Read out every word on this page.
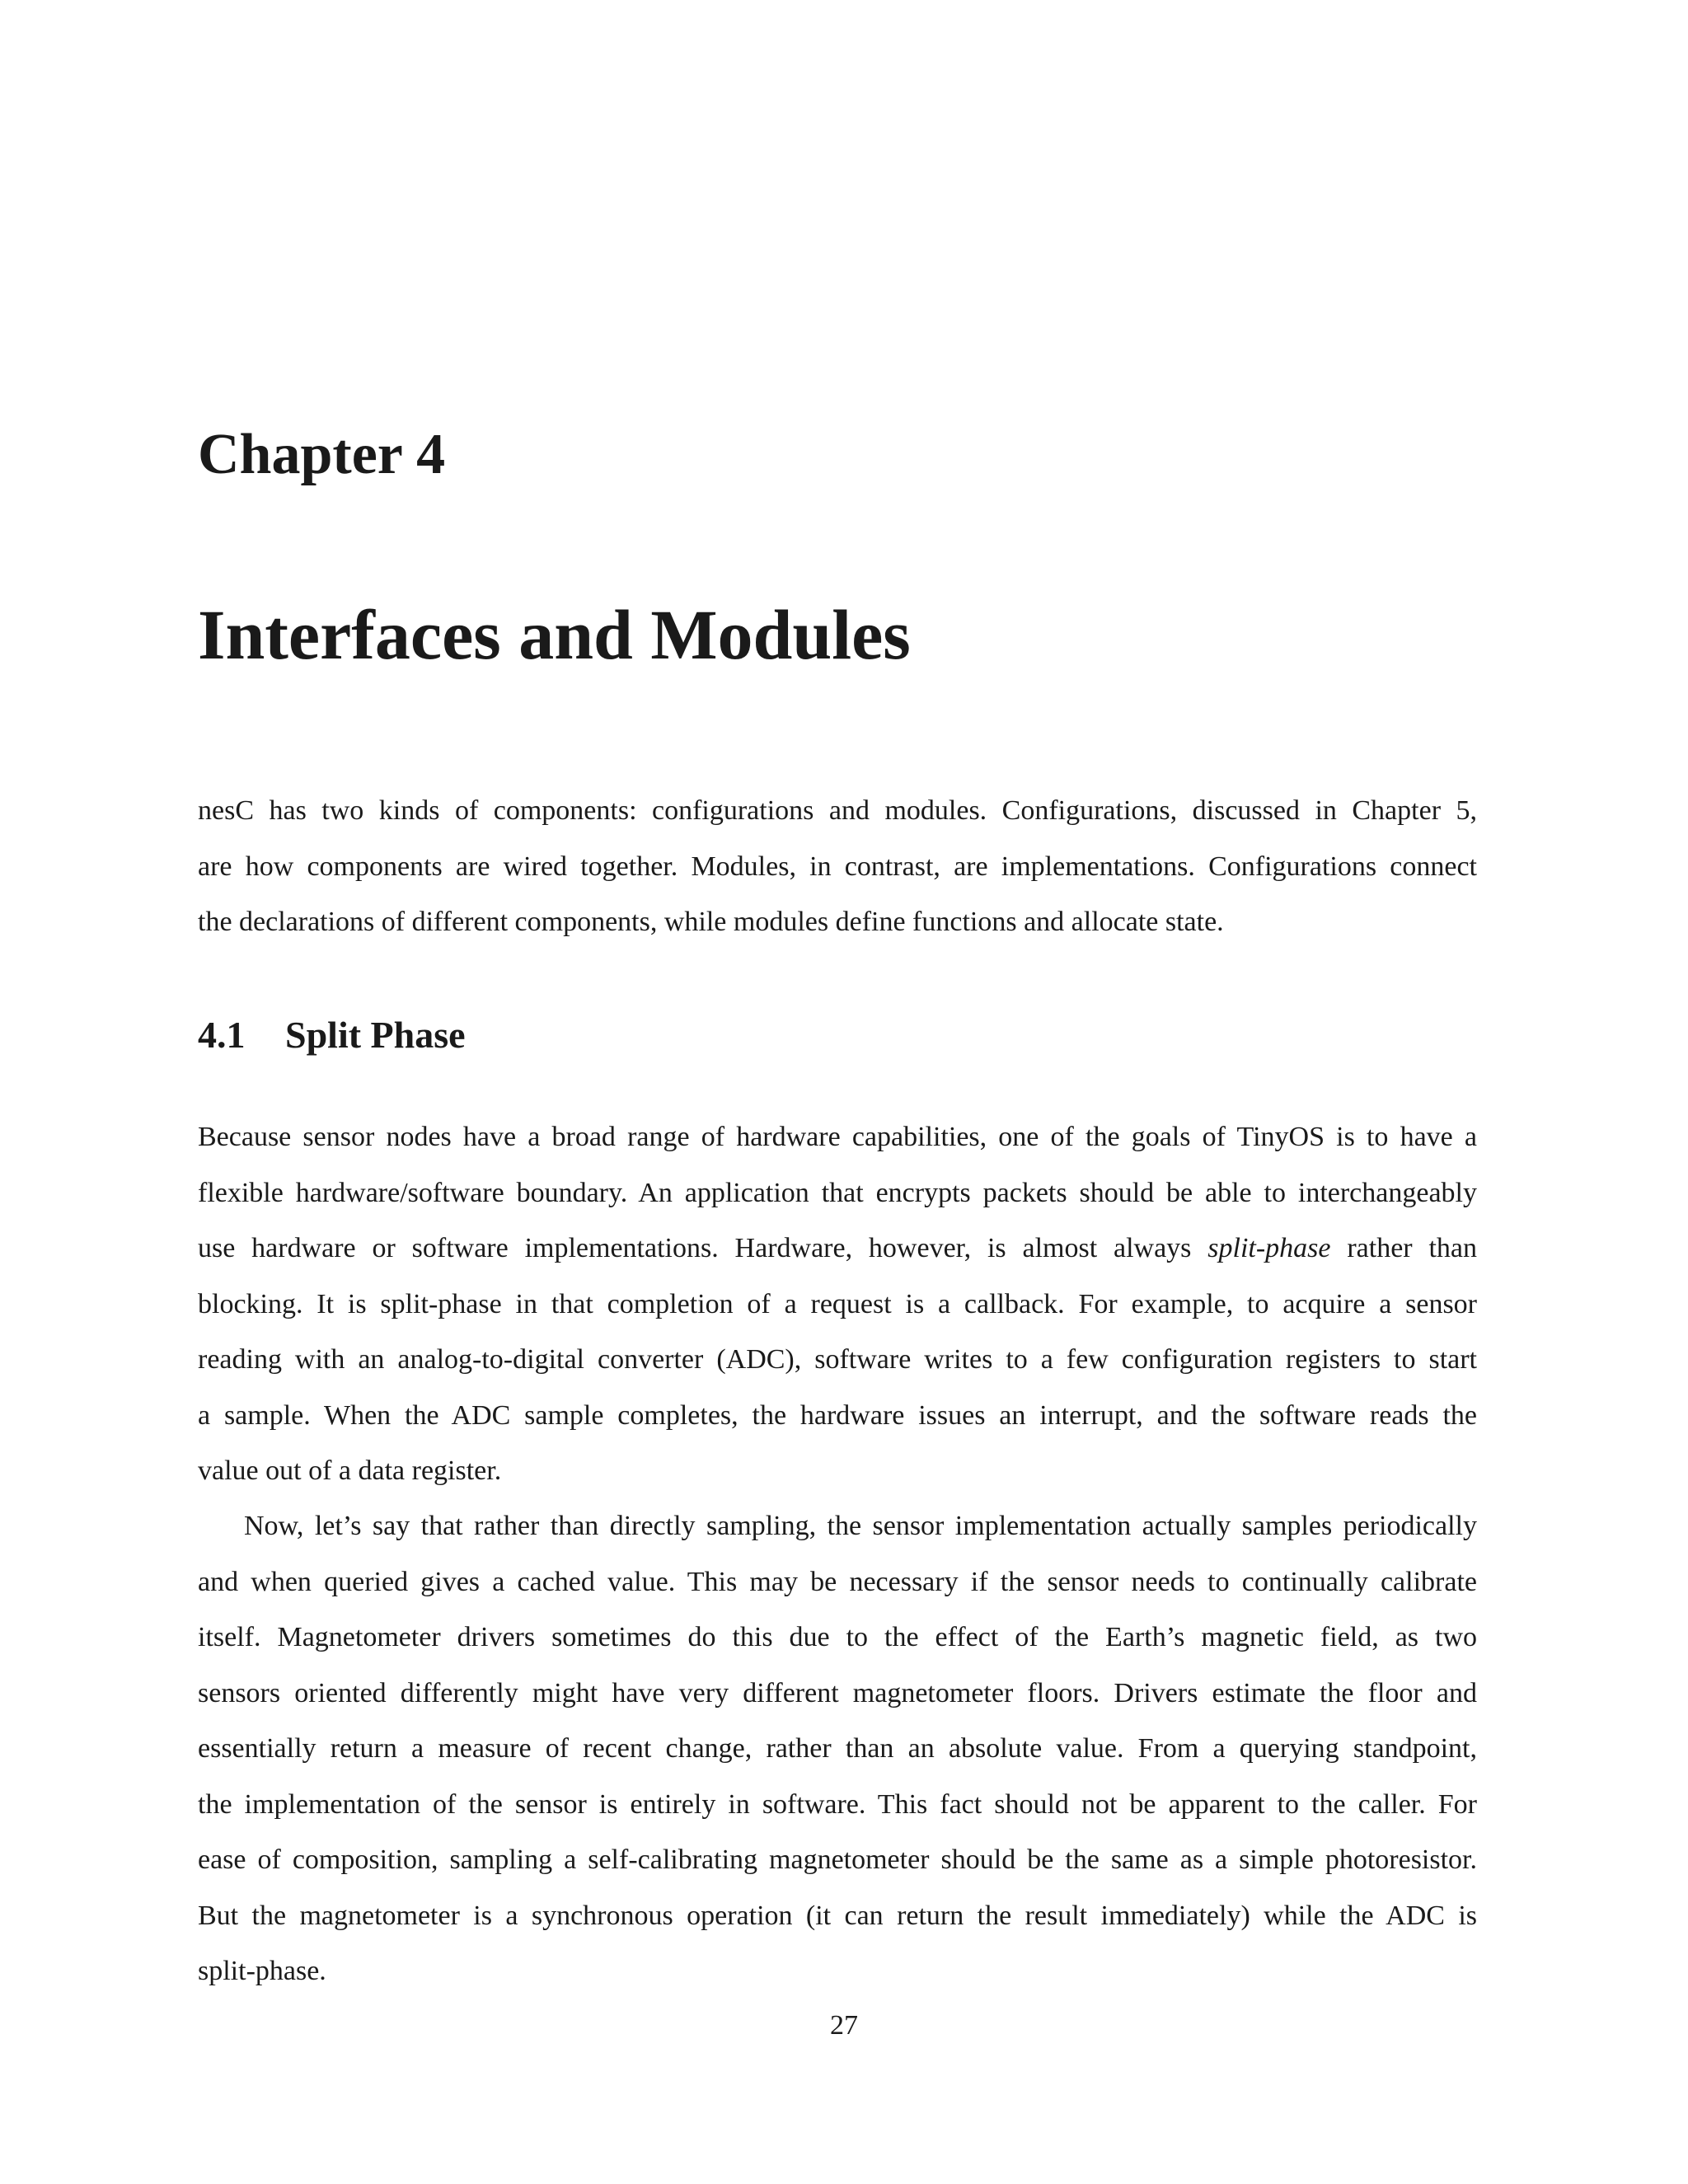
Chapter 4
Interfaces and Modules
nesC has two kinds of components: configurations and modules. Configurations, discussed in Chapter 5,
are how components are wired together. Modules, in contrast, are implementations. Configurations connect
the declarations of different components, while modules define functions and allocate state.
4.1 Split Phase
Because sensor nodes have a broad range of hardware capabilities, one of the goals of TinyOS is to have a
flexible hardware/software boundary. An application that encrypts packets should be able to interchangeably
use hardware or software implementations. Hardware, however, is almost always split-phase rather than
blocking. It is split-phase in that completion of a request is a callback. For example, to acquire a sensor
reading with an analog-to-digital converter (ADC), software writes to a few configuration registers to start
a sample. When the ADC sample completes, the hardware issues an interrupt, and the software reads the
value out of a data register.
Now, let’s say that rather than directly sampling, the sensor implementation actually samples periodically
and when queried gives a cached value. This may be necessary if the sensor needs to continually calibrate
itself. Magnetometer drivers sometimes do this due to the effect of the Earth’s magnetic field, as two
sensors oriented differently might have very different magnetometer floors. Drivers estimate the floor and
essentially return a measure of recent change, rather than an absolute value. From a querying standpoint,
the implementation of the sensor is entirely in software. This fact should not be apparent to the caller. For
ease of composition, sampling a self-calibrating magnetometer should be the same as a simple photoresistor.
But the magnetometer is a synchronous operation (it can return the result immediately) while the ADC is
split-phase.
27
